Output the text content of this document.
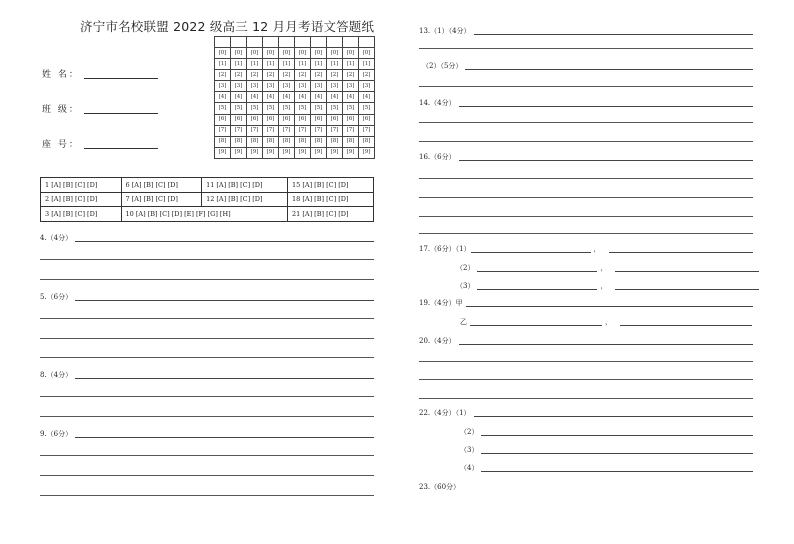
济宁市名校联盟 2022 级高三 12 月月考语文答题纸
姓 名：
班 级：
座 号：

[0]	[0]	[0]	[0]	[0]	[0]	[0]	[0]	[0]	[0]
[1]	[1]	[1]	[1]	[1]	[1]	[1]	[1]	[1]	[1]
[2]	[2]	[2]	[2]	[2]	[2]	[2]	[2]	[2]	[2]
[3]	[3]	[3]	[3]	[3]	[3]	[3]	[3]	[3]	[3]
[4]	[4]	[4]	[4]	[4]	[4]	[4]	[4]	[4]	[4]
[5]	[5]	[5]	[5]	[5]	[5]	[5]	[5]	[5]	[5]
[6]	[6]	[6]	[6]	[6]	[6]	[6]	[6]	[6]	[6]
[7]	[7]	[7]	[7]	[7]	[7]	[7]	[7]	[7]	[7]
[8]	[8]	[8]	[8]	[8]	[8]	[8]	[8]	[8]	[8]
[9]	[9]	[9]	[9]	[9]	[9]	[9]	[9]	[9]	[9]
1 [A] [B] [C] [D]	6 [A] [B] [C] [D]	11 [A] [B] [C] [D]	15 [A] [B] [C] [D]
2 [A] [B] [C] [D]	7 [A] [B] [C] [D]	12 [A] [B] [C] [D]	18 [A] [B] [C] [D]
3 [A] [B] [C] [D]	10 [A] [B] [C] [D] [E] [F] [G] [H]		21 [A] [B] [C] [D]
4.（4分）
5.（6分）
8.（4分）
9.（6分）
13.（1）（4分）
（2）（5分）
14.（4分）
16.（6分）
17.（6分）（1）	，
（2）	，
（3）	，
19.（4分）甲
乙	，
20.（4分）
22.（4分）（1）
（2）
（3）
（4）
23.（60分）
